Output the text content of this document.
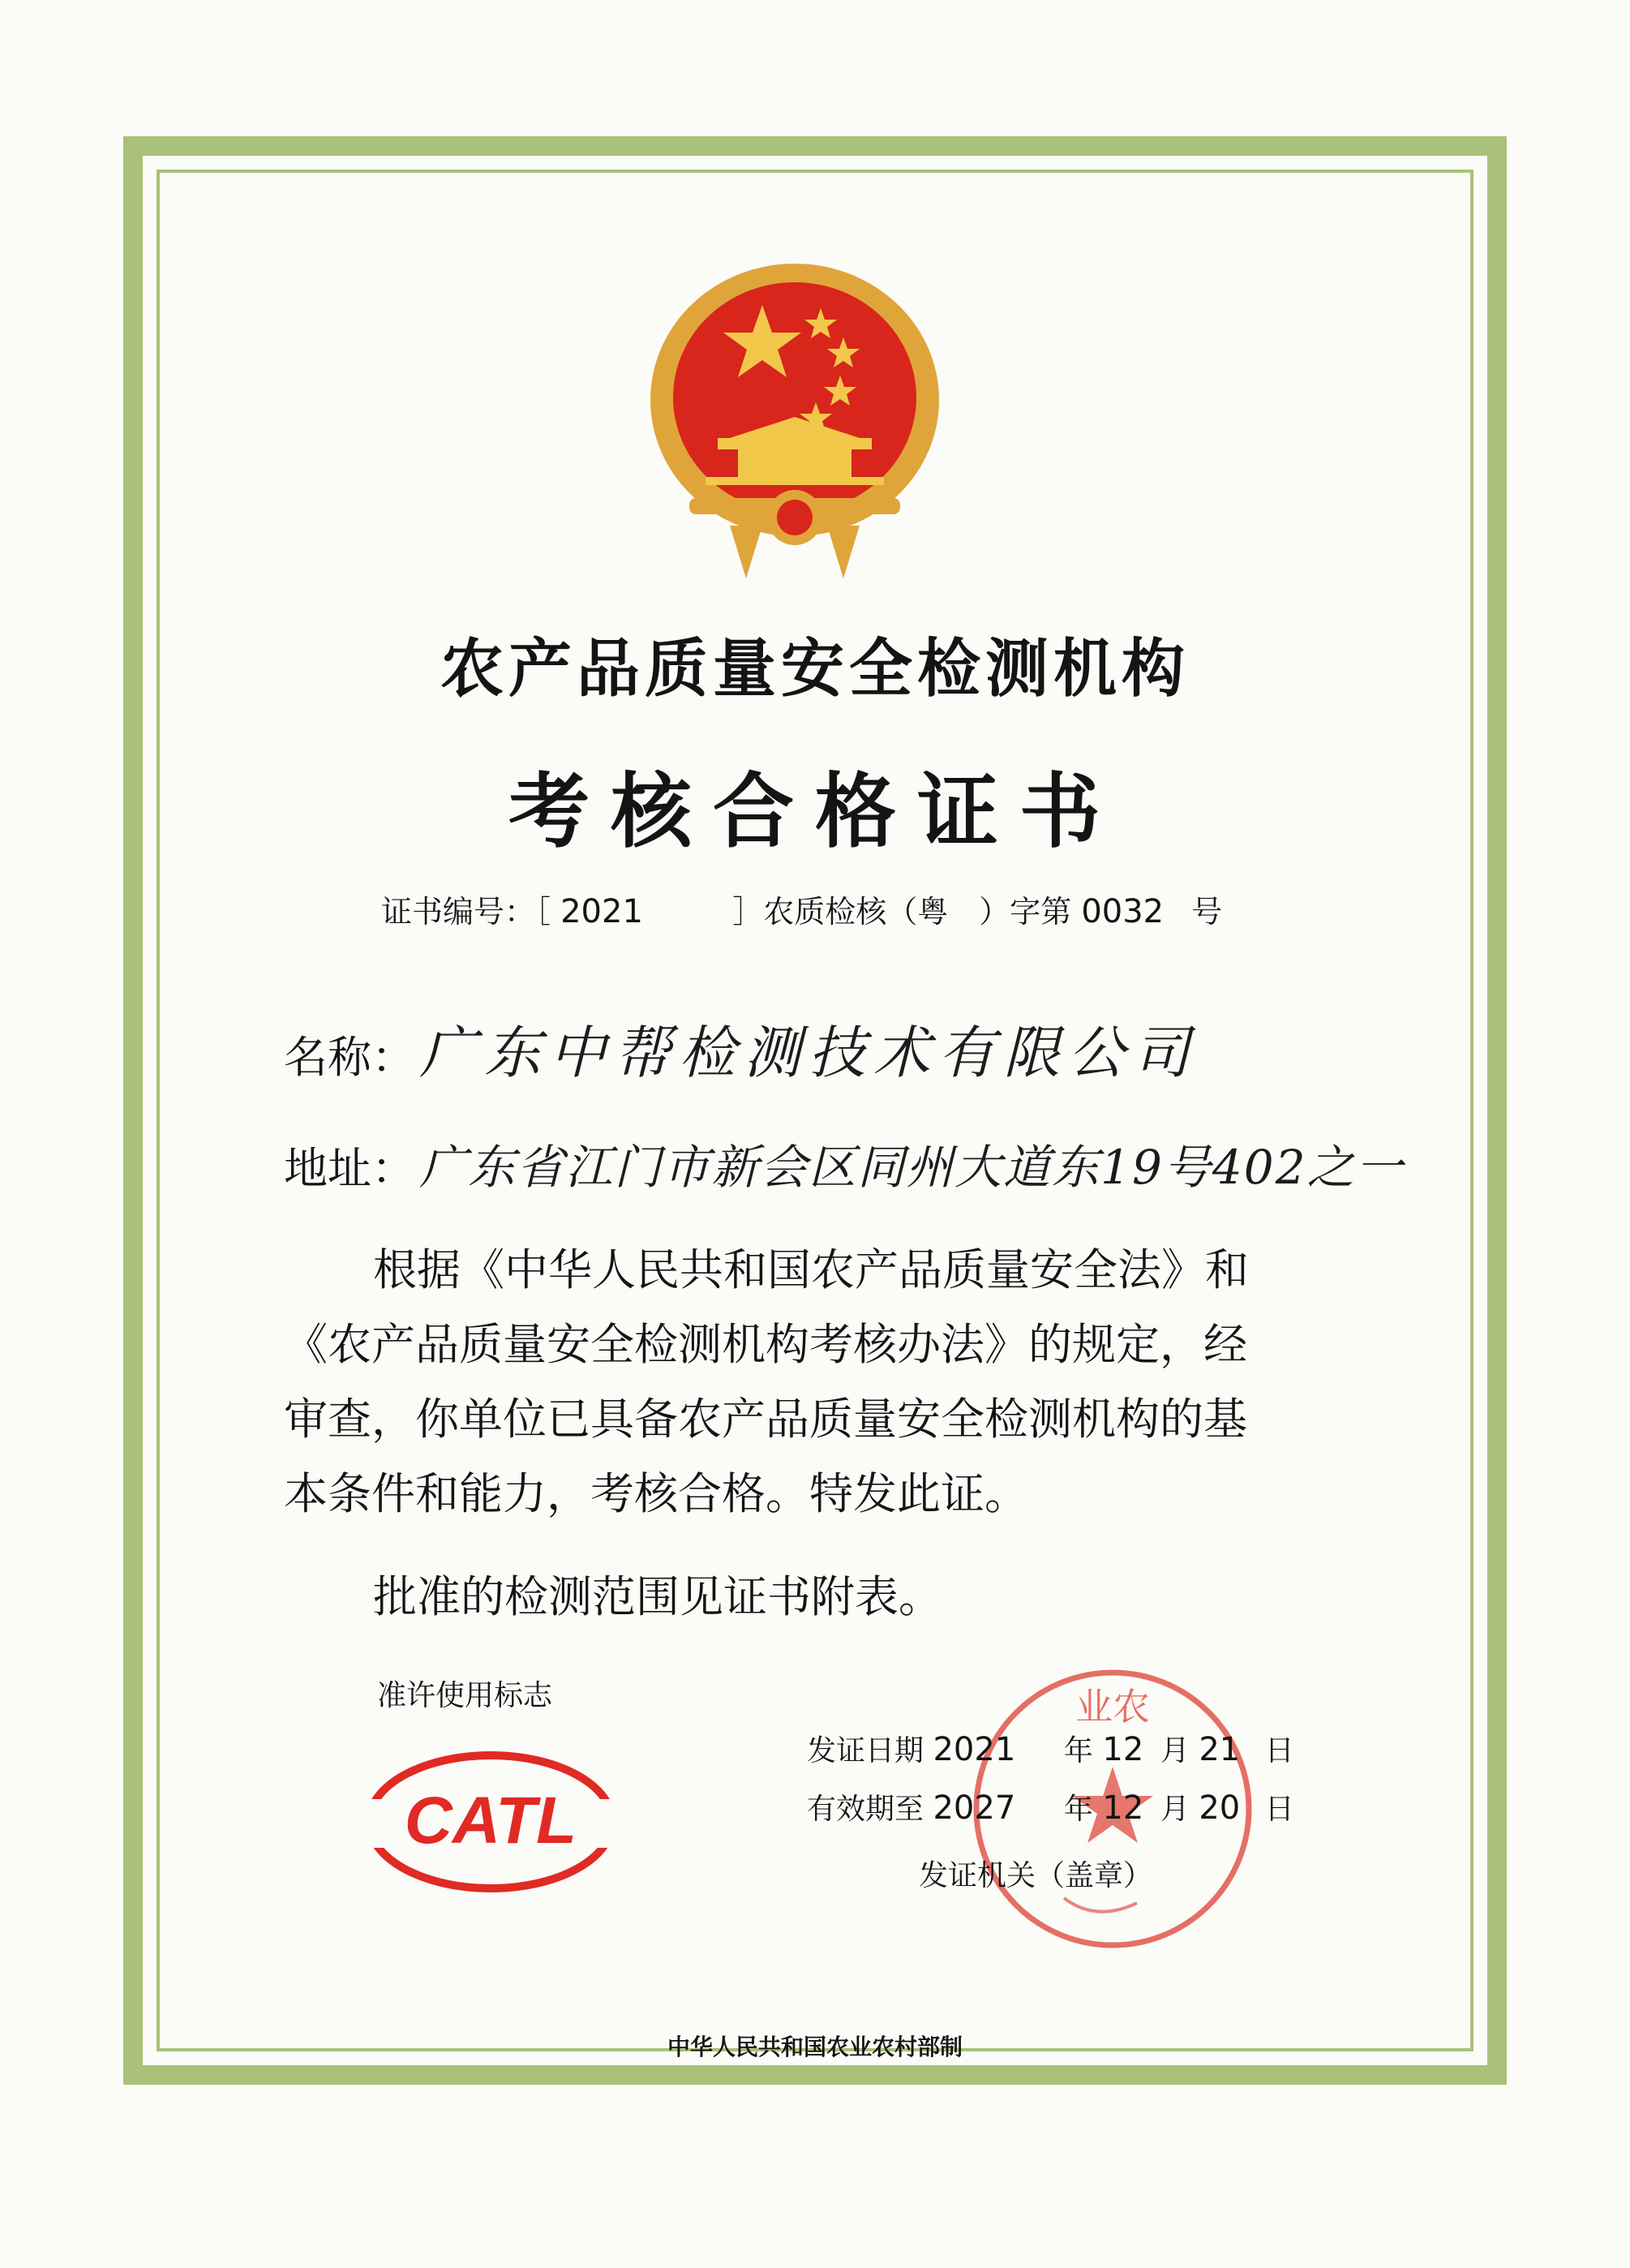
农产品质量安全检测机构
考核合格证书
证书编号：［ 2021	］农质检核（粤　）字第 0032 号
名称： 广东中帮检测技术有限公司
地址： 广东省江门市新会区同州大道东19号402之一

根据《中华人民共和国农产品质量安全法》和

《农产品质量安全检测机构考核办法》的规定，经

审查，你单位已具备农产品质量安全检测机构的基

本条件和能力，考核合格。特发此证。

批准的检测范围见证书附表。
准许使用标志
CATL
业农
发证日期 2021 年 12 月 21 日
有效期至 2027 年 12 月 20 日
发证机关（盖章）
中华人民共和国农业农村部制
